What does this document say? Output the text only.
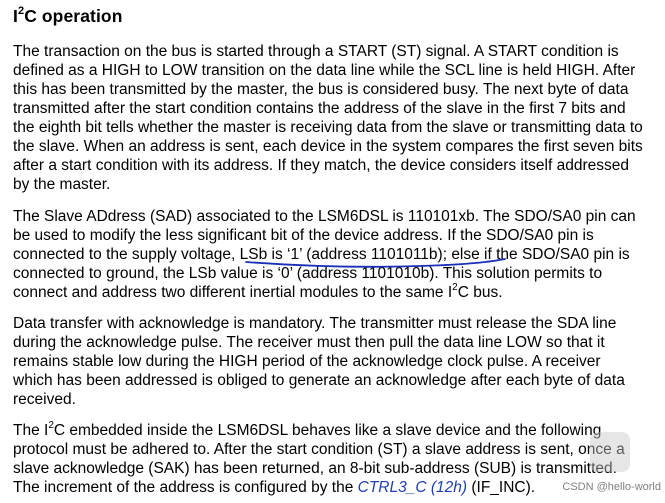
$I^2C$ operation
The transaction on the bus is started through a START (ST) signal. A START condition is
defined as a HIGH to LOW transition on the data line while the SCL line is held HIGH. After
this has been transmitted by the master, the bus is considered busy. The next byte of data
transmitted after the start condition contains the address of the slave in the first 7 bits and
the eighth bit tells whether the master is receiving data from the slave or transmitting data to
the slave. When an address is sent, each device in the system compares the first seven bits
after a start condition with its address. If they match, the device considers itself addressed
by the master.
The Slave ADdress (SAD) associated to the LSM6DSL is 110101xb. The SDO/SA0 pin can
be used to modify the less significant bit of the device address. If the SDO/SA0 pin is
connected to the supply voltage, LSb is ‘1’ (address 1101011b); else if the SDO/SA0 pin is
connected to ground, the LSb value is ‘0’ (address 1101010b). This solution permits to
connect and address two different inertial modules to the same $I^2C$ bus.
Data transfer with acknowledge is mandatory. The transmitter must release the SDA line
during the acknowledge pulse. The receiver must then pull the data line LOW so that it
remains stable low during the HIGH period of the acknowledge clock pulse. A receiver
which has been addressed is obliged to generate an acknowledge after each byte of data
received.
The $I^2C$ embedded inside the LSM6DSL behaves like a slave device and the following
protocol must be adhered to. After the start condition (ST) a slave address is sent, once a
slave acknowledge (SAK) has been returned, an 8-bit sub-address (SUB) is transmitted.
The increment of the address is configured by the CTRL3_C (12h) (IF_INC). CSDN @hello-world
